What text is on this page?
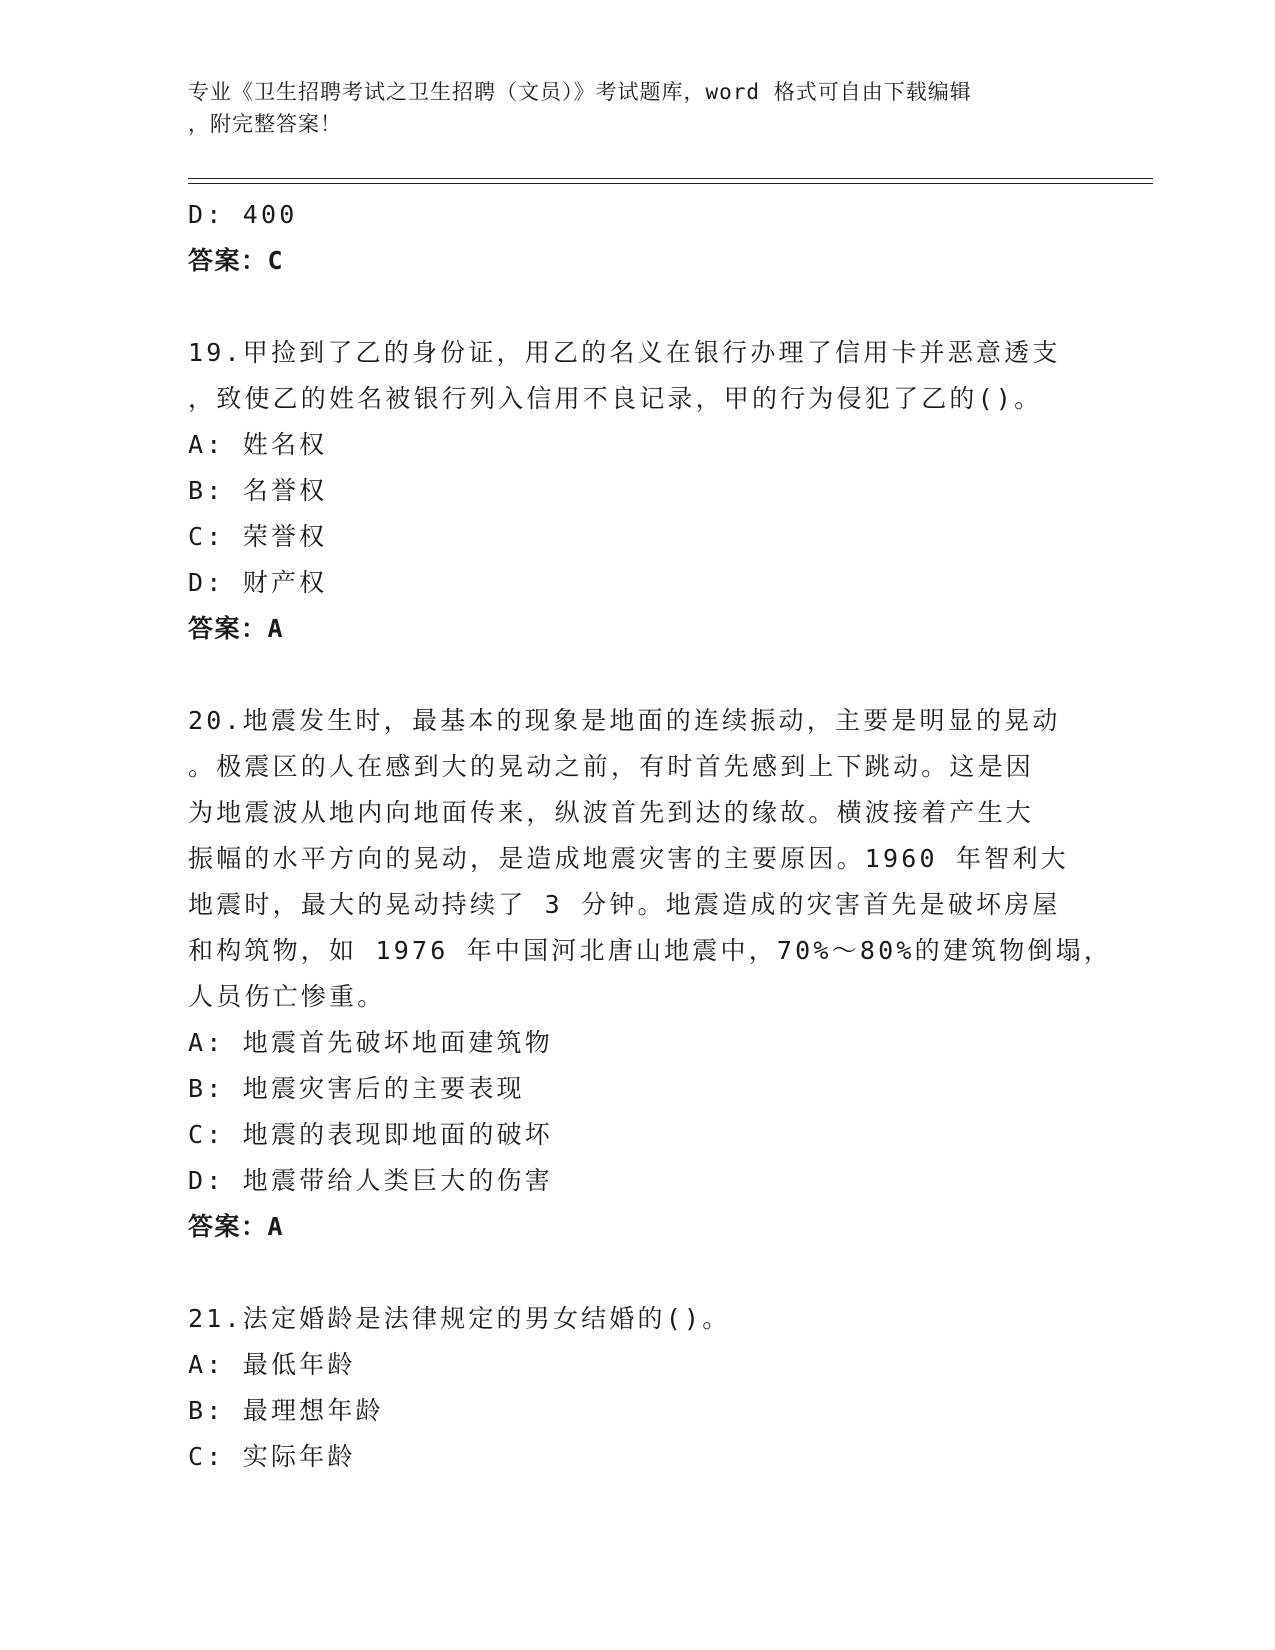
专业《卫生招聘考试之卫生招聘（文员）》考试题库，word 格式可自由下载编辑
，附完整答案！
D: 400
答案：C
19.甲捡到了乙的身份证，用乙的名义在银行办理了信用卡并恶意透支
，致使乙的姓名被银行列入信用不良记录，甲的行为侵犯了乙的()。
A: 姓名权
B: 名誉权
C: 荣誉权
D: 财产权
答案：A
20.地震发生时，最基本的现象是地面的连续振动，主要是明显的晃动
。极震区的人在感到大的晃动之前，有时首先感到上下跳动。这是因
为地震波从地内向地面传来，纵波首先到达的缘故。横波接着产生大
振幅的水平方向的晃动，是造成地震灾害的主要原因。1960 年智利大
地震时，最大的晃动持续了 3 分钟。地震造成的灾害首先是破坏房屋
和构筑物，如 1976 年中国河北唐山地震中，70%～80%的建筑物倒塌，
人员伤亡惨重。
A: 地震首先破坏地面建筑物
B: 地震灾害后的主要表现
C: 地震的表现即地面的破坏
D: 地震带给人类巨大的伤害
答案：A
21.法定婚龄是法律规定的男女结婚的()。
A: 最低年龄
B: 最理想年龄
C: 实际年龄
